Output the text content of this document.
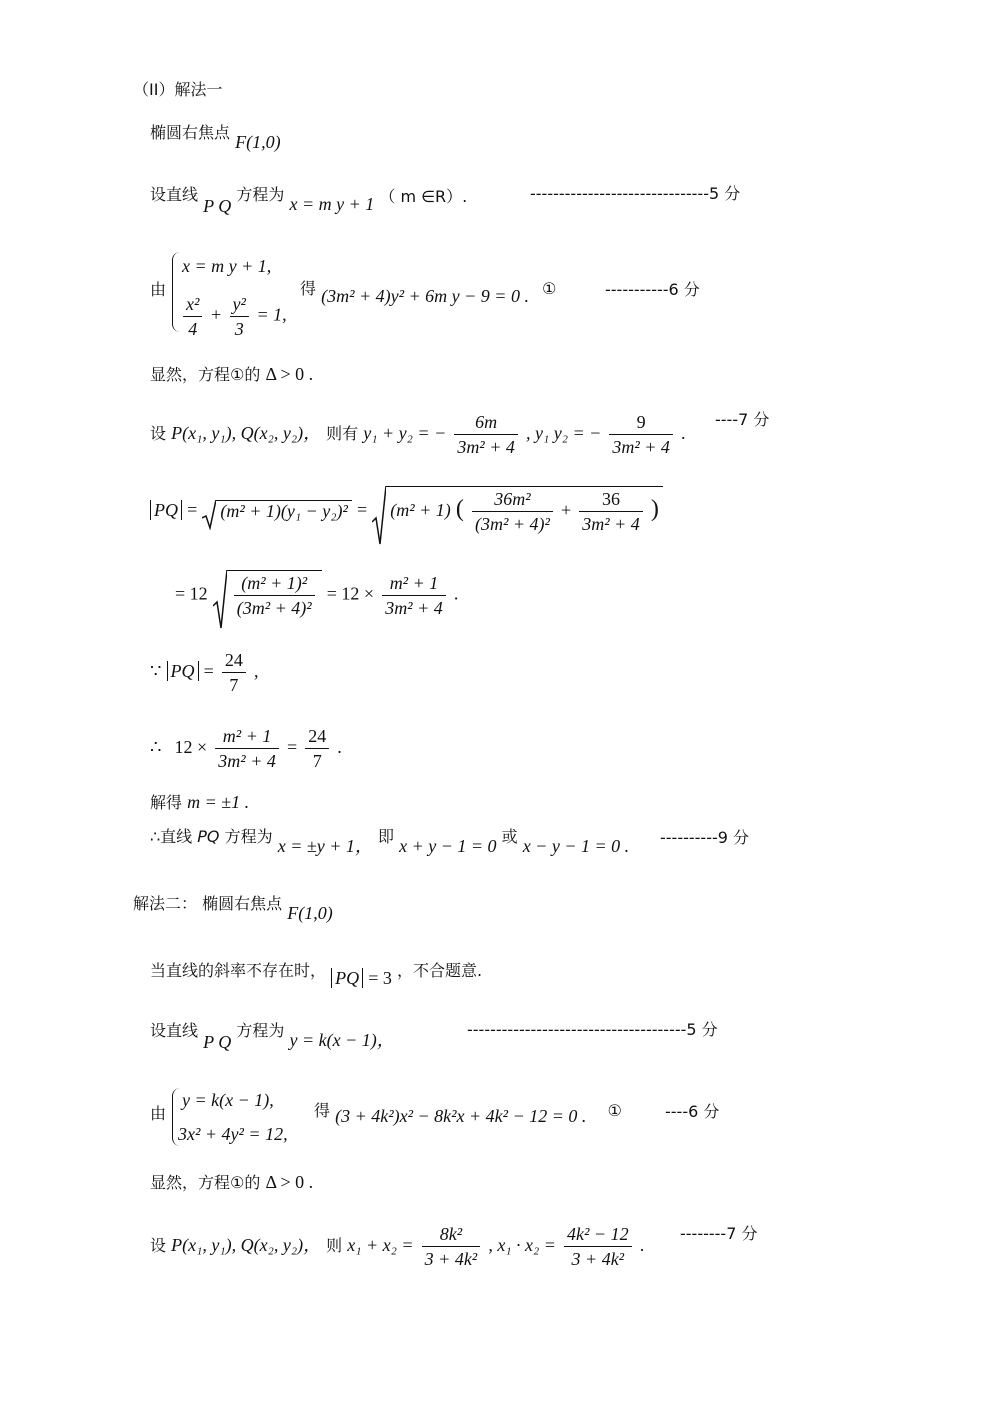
（II）解法一
椭圆右焦点 F(1,0)
设直线 P Q 方程为 x = m y + 1 （ m ∈R）.	-------------------------------5 分
由
x = m y + 1,
$\frac{\text{x²}}{4} + \frac{\text{y²}}{3} = 1$,
得 (3m² + 4)y² + 6m y − 9 = 0 . ①	-----------6 分
显然，方程①的 Δ > 0 .
设 P(x₁, y₁), Q(x₂, y₂)， 则有 y₁ + y₂ = − $\frac{6m}{\text{3m² + 4}}$ , y₁ y₂ = − $\frac{9}{\text{3m² + 4}}$ .
----7 分
PQ = (m² + 1)(y₁ − y₂)² = (m² + 1) ( $\frac{\text{36m²}}{\text{(3m² + 4)²}} + \frac{36}{\text{3m² + 4}}$ )
= $12 \frac{\text{(m² + 1)²}}{\text{(3m² + 4)²}} = 12 \times \frac{\text{m² + 1}}{\text{3m² + 4}}$ .
∵ PQ = $\frac{24}{7}$ ,
∴ $12 \times \frac{\text{m² + 1}}{\text{3m² + 4}} = \frac{24}{7}$ .
解得 m = ±1 .
∴直线 PQ 方程为 x = ±y + 1， 即 x + y − 1 = 0 或 x − y − 1 = 0 . ----------9 分
解法二： 椭圆右焦点 F(1,0)
当直线的斜率不存在时， PQ = 3 ，不合题意.
设直线 P Q 方程为 y = k(x − 1)，
--------------------------------------5 分
由
y = k(x − 1),
3x² + 4y² = 12,
得 (3 + 4k²)x² − 8k²x + 4k² − 12 = 0 . ①	----6 分
显然，方程①的 Δ > 0 .
设 P(x₁, y₁), Q(x₂, y₂)， 则 $x_1 + x_2 = \frac{\text{8k²}}{\text{3 + 4k²}}$ , $x_1 \cdot x_2 = \frac{\text{4k² − 12}}{\text{3 + 4k²}}$ .
--------7 分
